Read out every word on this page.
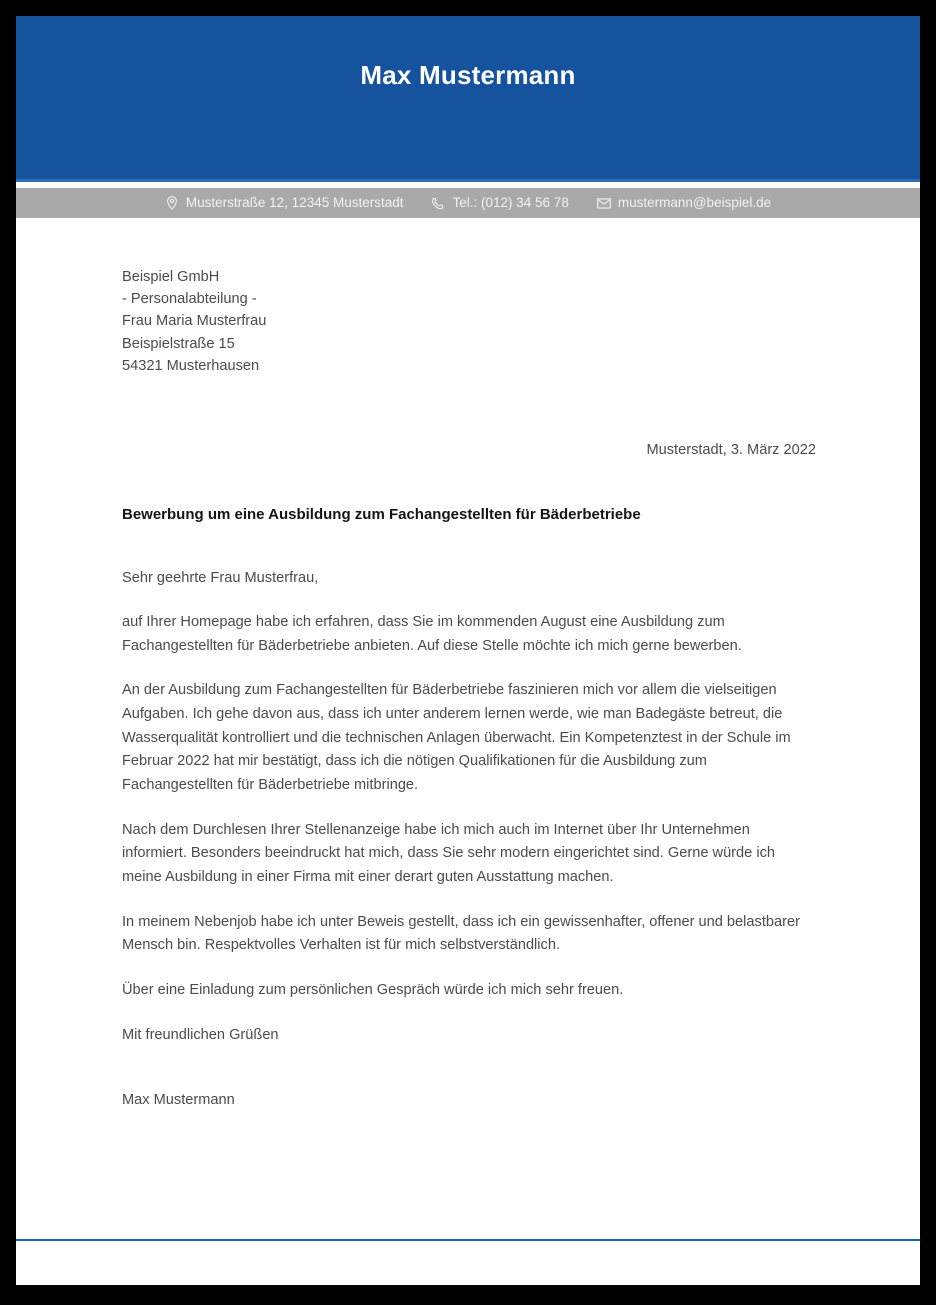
Max Mustermann
Musterstraße 12, 12345 Musterstadt	Tel.: (012) 34 56 78	mustermann@beispiel.de
Beispiel GmbH
- Personalabteilung -
Frau Maria Musterfrau
Beispielstraße 15
54321 Musterhausen
Musterstadt, 3. März 2022
Bewerbung um eine Ausbildung zum Fachangestellten für Bäderbetriebe
Sehr geehrte Frau Musterfrau,
auf Ihrer Homepage habe ich erfahren, dass Sie im kommenden August eine Ausbildung zum Fachangestellten für Bäderbetriebe anbieten. Auf diese Stelle möchte ich mich gerne bewerben.
An der Ausbildung zum Fachangestellten für Bäderbetriebe faszinieren mich vor allem die vielseitigen Aufgaben. Ich gehe davon aus, dass ich unter anderem lernen werde, wie man Badegäste betreut, die Wasserqualität kontrolliert und die technischen Anlagen überwacht. Ein Kompetenztest in der Schule im Februar 2022 hat mir bestätigt, dass ich die nötigen Qualifikationen für die Ausbildung zum Fachangestellten für Bäderbetriebe mitbringe.
Nach dem Durchlesen Ihrer Stellenanzeige habe ich mich auch im Internet über Ihr Unternehmen informiert. Besonders beeindruckt hat mich, dass Sie sehr modern eingerichtet sind. Gerne würde ich meine Ausbildung in einer Firma mit einer derart guten Ausstattung machen.
In meinem Nebenjob habe ich unter Beweis gestellt, dass ich ein gewissenhafter, offener und belastbarer Mensch bin. Respektvolles Verhalten ist für mich selbstverständlich.
Über eine Einladung zum persönlichen Gespräch würde ich mich sehr freuen.
Mit freundlichen Grüßen
Max Mustermann
